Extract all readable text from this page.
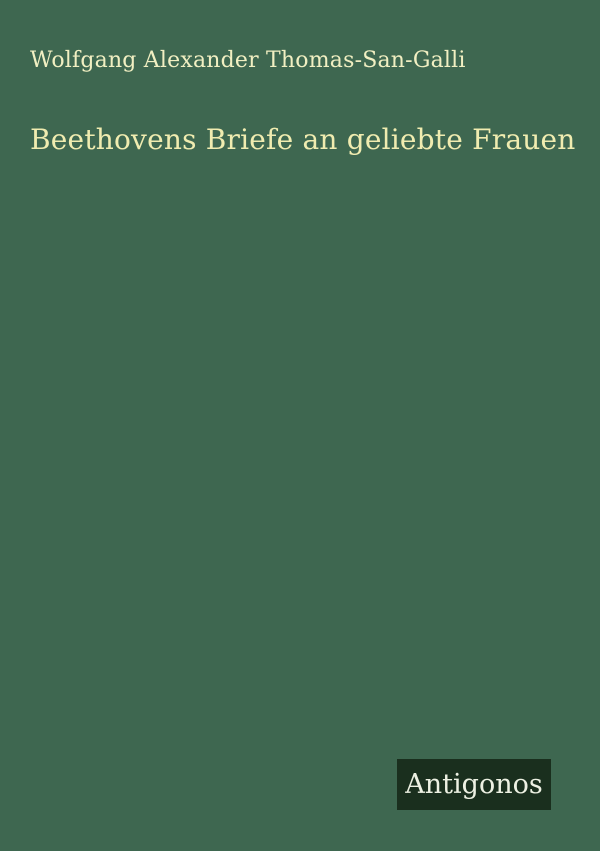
Wolfgang Alexander Thomas-San-Galli
Beethovens Briefe an geliebte Frauen
Antigonos
